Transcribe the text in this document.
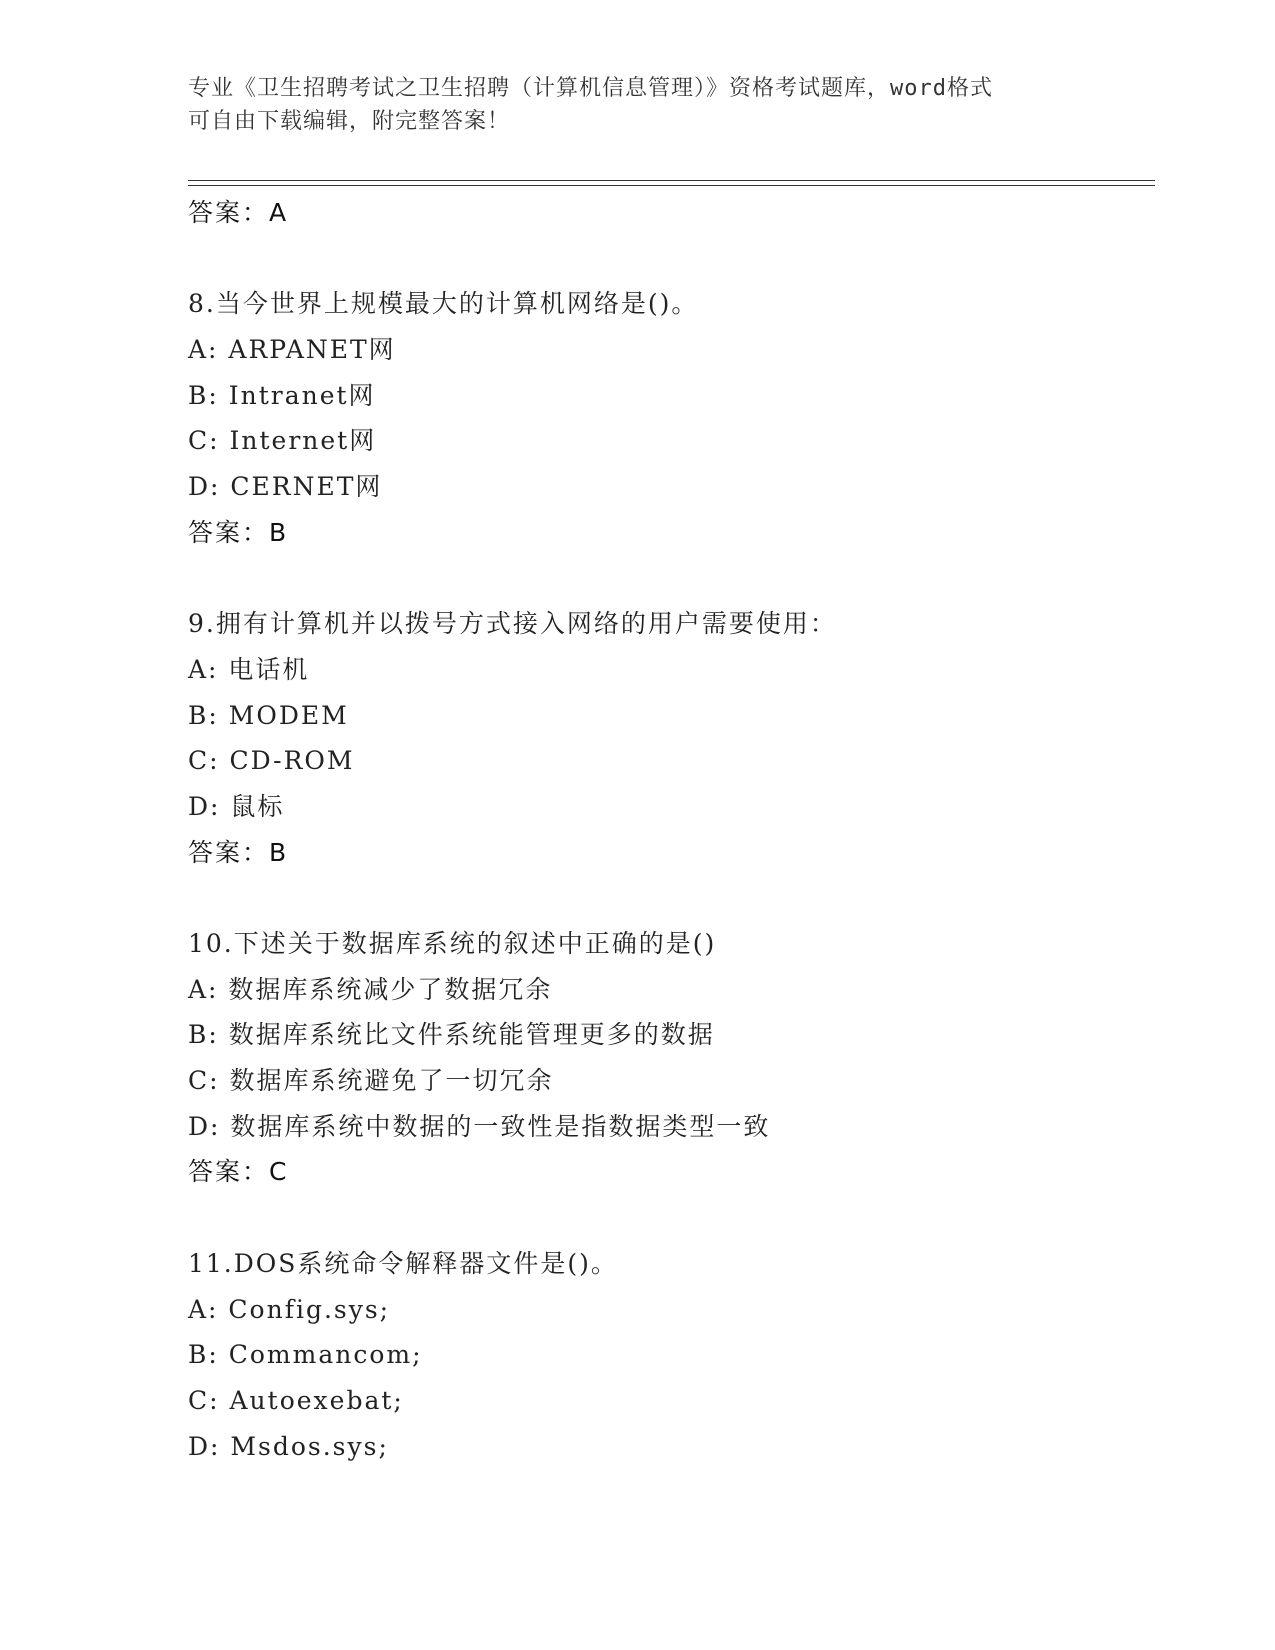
专业《卫生招聘考试之卫生招聘（计算机信息管理）》资格考试题库，word格式
可自由下载编辑，附完整答案！
答案：A
8.当今世界上规模最大的计算机网络是()。
A: ARPANET网
B: Intranet网
C: Internet网
D: CERNET网
答案：B
9.拥有计算机并以拨号方式接入网络的用户需要使用：
A: 电话机
B: MODEM
C: CD-ROM
D: 鼠标
答案：B
10.下述关于数据库系统的叙述中正确的是()
A: 数据库系统减少了数据冗余
B: 数据库系统比文件系统能管理更多的数据
C: 数据库系统避免了一切冗余
D: 数据库系统中数据的一致性是指数据类型一致
答案：C
11.DOS系统命令解释器文件是()。
A: Config.sys;
B: Commancom;
C: Autoexebat;
D: Msdos.sys;
